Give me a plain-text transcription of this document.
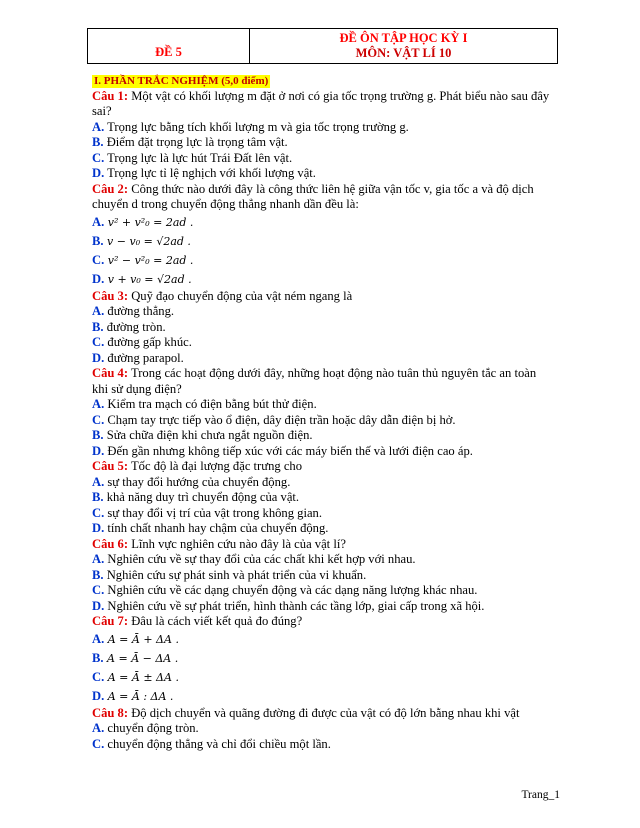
ĐỀ 5
ĐỀ ÔN TẬP HỌC KỲ I
MÔN: VẬT LÍ 10

I. PHẦN TRẮC NGHIỆM (5,0 điểm)

Câu 1: Một vật có khối lượng m đặt ở nơi có gia tốc trọng trường g. Phát biểu nào sau đây sai?

A. Trọng lực bằng tích khối lượng m và gia tốc trọng trường g.

B. Điểm đặt trọng lực là trọng tâm vật.

C. Trọng lực là lực hút Trái Đất lên vật.

D. Trọng lực tỉ lệ nghịch với khối lượng vật.

Câu 2: Công thức nào dưới đây là công thức liên hệ giữa vận tốc v, gia tốc a và độ dịch chuyển d trong chuyển động thẳng nhanh dần đều là:

A. v² + v²₀ = 2ad .

B. v − v₀ = √2ad .

C. v² − v²₀ = 2ad .

D. v + v₀ = √2ad .

Câu 3: Quỹ đạo chuyển động của vật ném ngang là

A. đường thẳng.

B. đường tròn.

C. đường gấp khúc.

D. đường parapol.

Câu 4: Trong các hoạt động dưới đây, những hoạt động nào tuân thủ nguyên tắc an toàn khi sử dụng điện?

A. Kiểm tra mạch có điện bằng bút thử điện.

C. Chạm tay trực tiếp vào ổ điện, dây điện trần hoặc dây dẫn điện bị hở.

B. Sửa chữa điện khi chưa ngắt nguồn điện.

D. Đến gần nhưng không tiếp xúc với các máy biến thế và lưới điện cao áp.

Câu 5: Tốc độ là đại lượng đặc trưng cho

A. sự thay đổi hướng của chuyển động.

B. khả năng duy trì chuyển động của vật.

C. sự thay đổi vị trí của vật trong không gian.

D. tính chất nhanh hay chậm của chuyển động.

Câu 6: Lĩnh vực nghiên cứu nào đây là của vật lí?

A. Nghiên cứu về sự thay đổi của các chất khi kết hợp với nhau.

B. Nghiên cứu sự phát sinh và phát triển của vi khuẩn.

C. Nghiên cứu về các dạng chuyển động và các dạng năng lượng khác nhau.

D. Nghiên cứu về sự phát triển, hình thành các tầng lớp, giai cấp trong xã hội.

Câu 7: Đâu là cách viết kết quả đo đúng?

A. A = Ā + ΔA .

B. A = Ā − ΔA .

C. A = Ā ± ΔA .

D. A = Ā : ΔA .

Câu 8: Độ dịch chuyển và quãng đường đi được của vật có độ lớn bằng nhau khi vật

A. chuyển động tròn.

C. chuyển động thẳng và chỉ đổi chiều một lần.

Trang_1
